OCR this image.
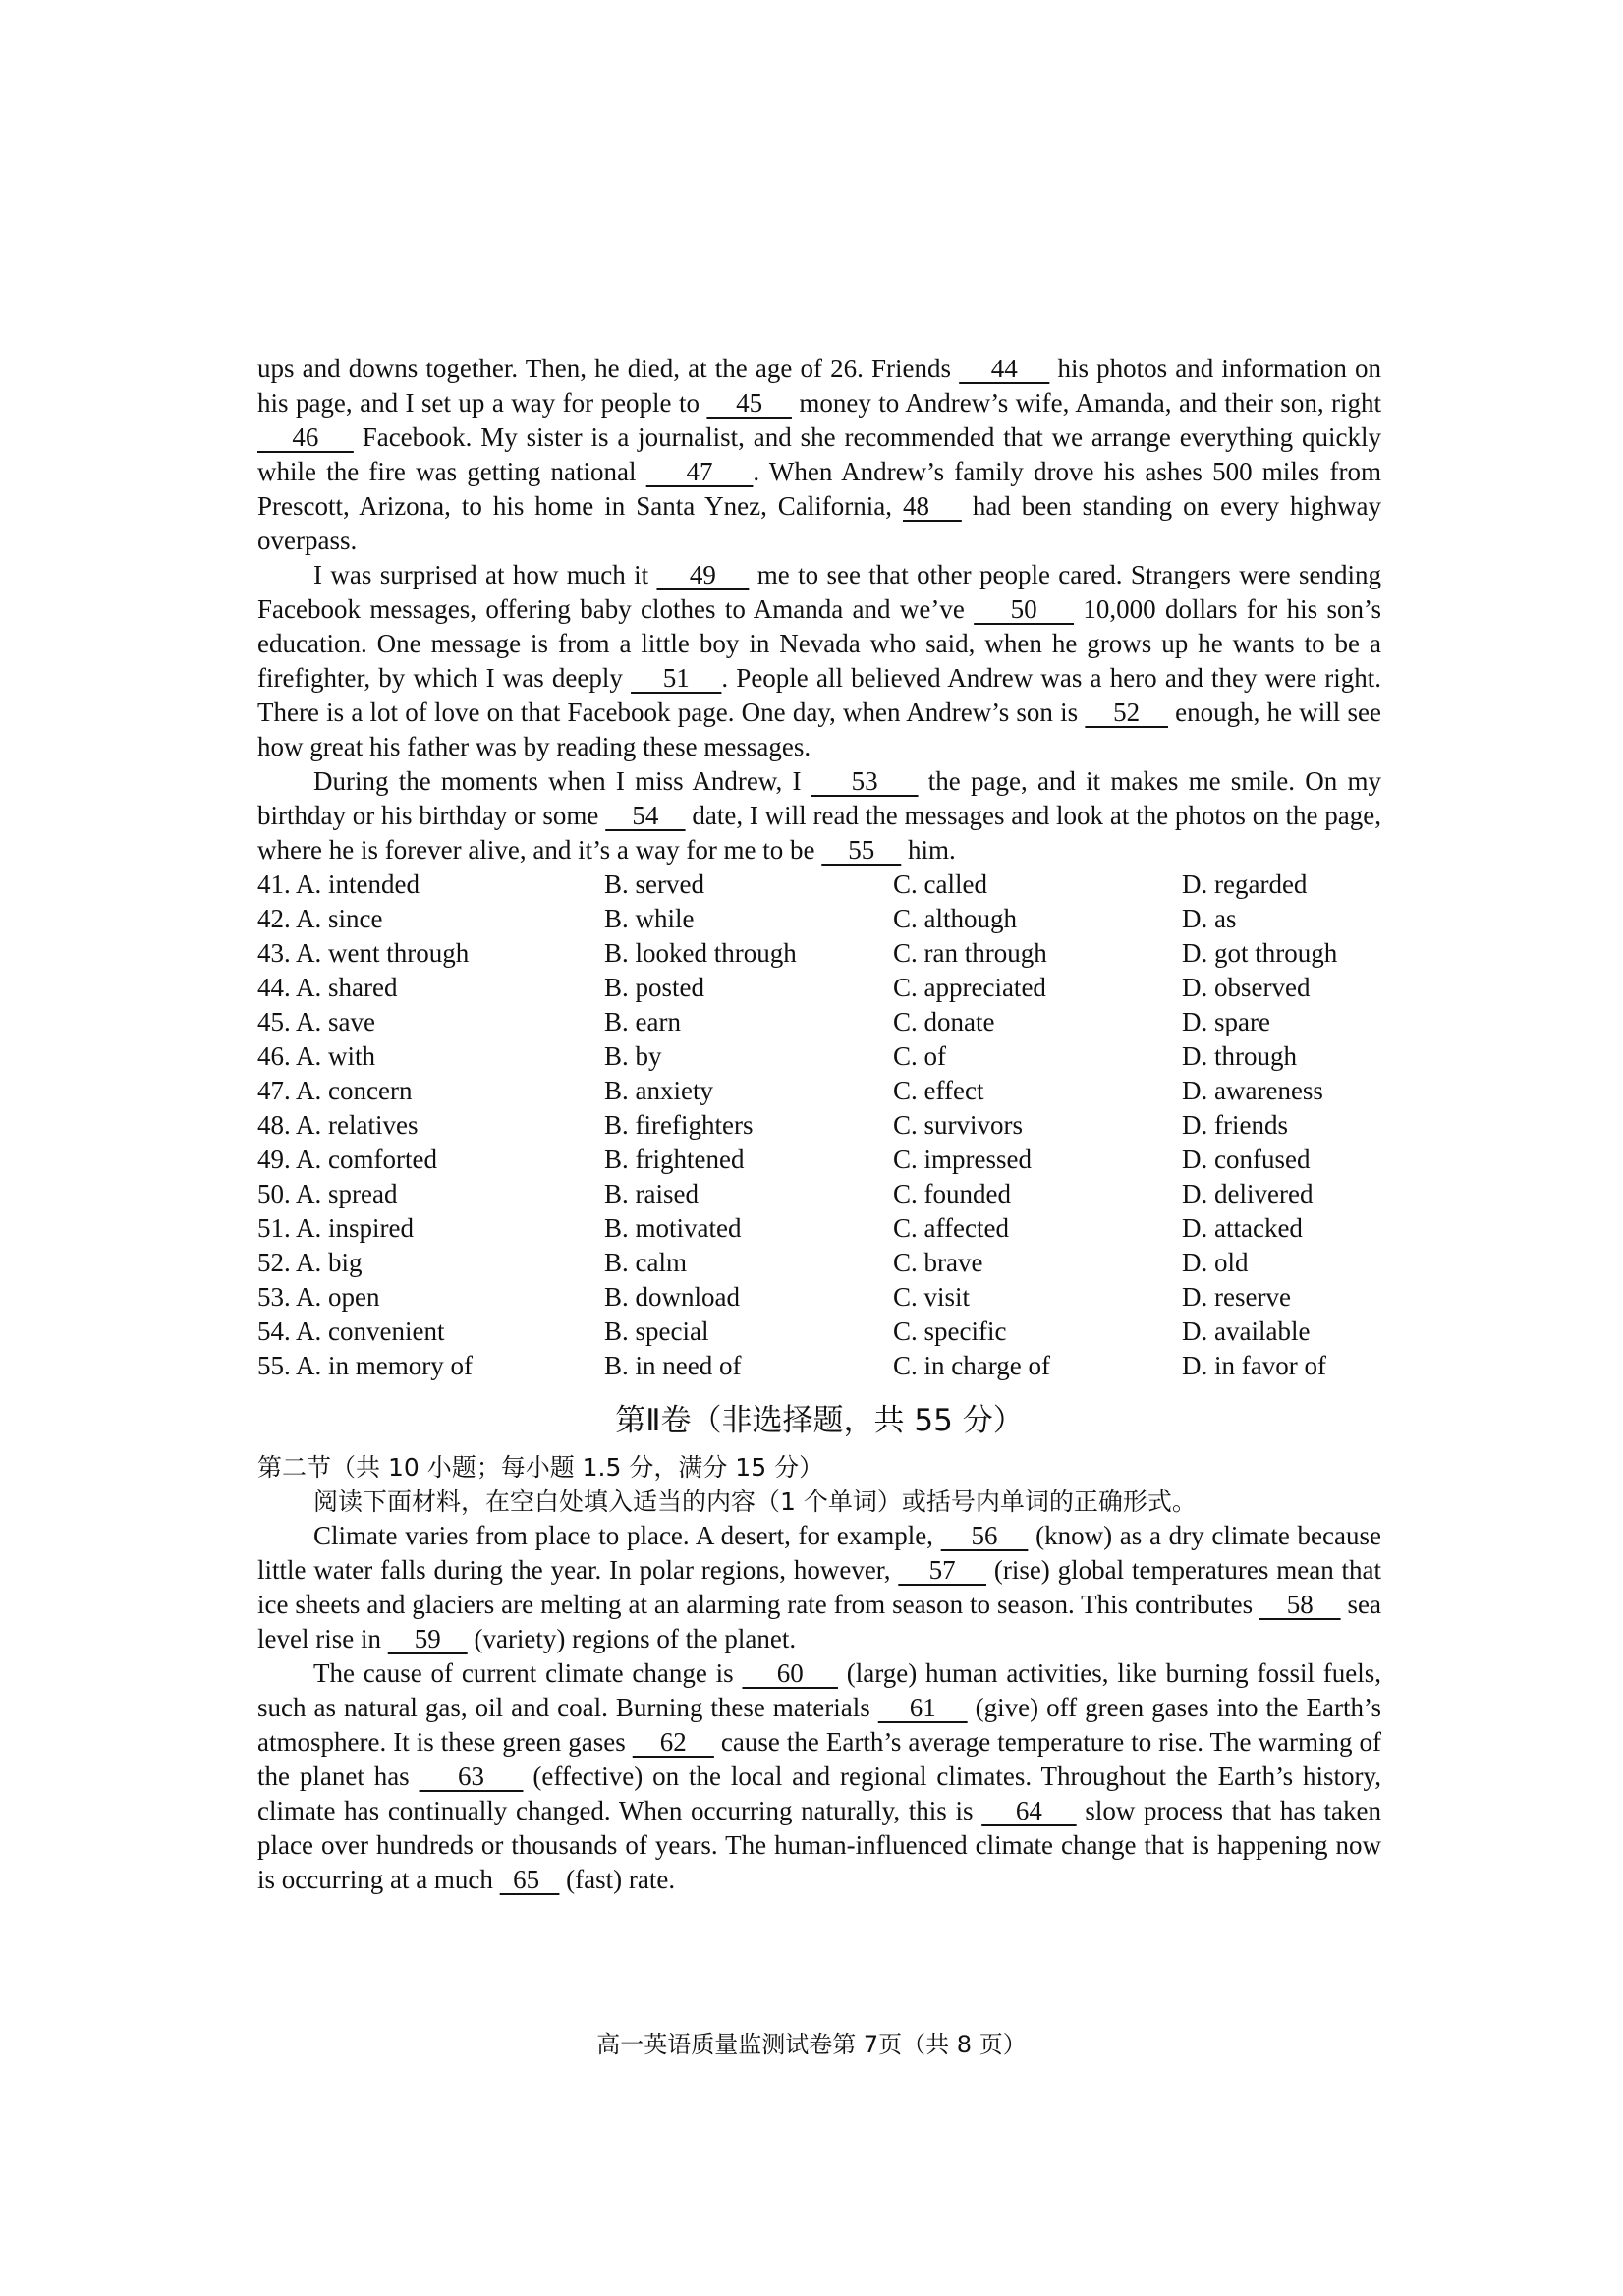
ups and downs together. Then, he died, at the age of 26. Friends     44     his photos and information on his page, and I set up a way for people to     45     money to Andrew’s wife, Amanda, and their son, right     46     Facebook. My sister is a journalist, and she recommended that we arrange everything quickly while the fire was getting national     47    . When Andrew’s family drove his ashes 500 miles from Prescott, Arizona, to his home in Santa Ynez, California, 48    had been standing on every highway overpass.

I was surprised at how much it     49     me to see that other people cared. Strangers were sending Facebook messages, offering baby clothes to Amanda and we’ve     50     10,000 dollars for his son’s education. One message is from a little boy in Nevada who said, when he grows up he wants to be a firefighter, by which I was deeply     51    . People all believed Andrew was a hero and they were right. There is a lot of love on that Facebook page. One day, when Andrew’s son is     52     enough, he will see how great his father was by reading these messages.

During the moments when I miss Andrew, I     53     the page, and it makes me smile. On my birthday or his birthday or some     54     date, I will read the messages and look at the photos on the page, where he is forever alive, and it’s a way for me to be     55     him.

41. A. intended	B. served	C. called	D. regarded
42. A. since	B. while	C. although	D. as
43. A. went through	B. looked through	C. ran through	D. got through
44. A. shared	B. posted	C. appreciated	D. observed
45. A. save	B. earn	C. donate	D. spare
46. A. with	B. by	C. of	D. through
47. A. concern	B. anxiety	C. effect	D. awareness
48. A. relatives	B. firefighters	C. survivors	D. friends
49. A. comforted	B. frightened	C. impressed	D. confused
50. A. spread	B. raised	C. founded	D. delivered
51. A. inspired	B. motivated	C. affected	D. attacked
52. A. big	B. calm	C. brave	D. old
53. A. open	B. download	C. visit	D. reserve
54. A. convenient	B. special	C. specific	D. available
55. A. in memory of	B. in need of	C. in charge of	D. in favor of
第Ⅱ卷（非选择题，共 55 分）
第二节（共 10 小题；每小题 1.5 分，满分 15 分）
阅读下面材料，在空白处填入适当的内容（1 个单词）或括号内单词的正确形式。

Climate varies from place to place. A desert, for example,     56     (know) as a dry climate because little water falls during the year. In polar regions, however,     57     (rise) global temperatures mean that ice sheets and glaciers are melting at an alarming rate from season to season. This contributes     58     sea level rise in     59     (variety) regions of the planet.

The cause of current climate change is     60     (large) human activities, like burning fossil fuels, such as natural gas, oil and coal. Burning these materials     61     (give) off green gases into the Earth’s atmosphere. It is these green gases     62     cause the Earth’s average temperature to rise. The warming of the planet has     63     (effective) on the local and regional climates. Throughout the Earth’s history, climate has continually changed. When occurring naturally, this is     64     slow process that has taken place over hundreds or thousands of years. The human-influenced climate change that is happening now is occurring at a much   65    (fast) rate.

高一英语质量监测试卷第 7页（共 8 页）
